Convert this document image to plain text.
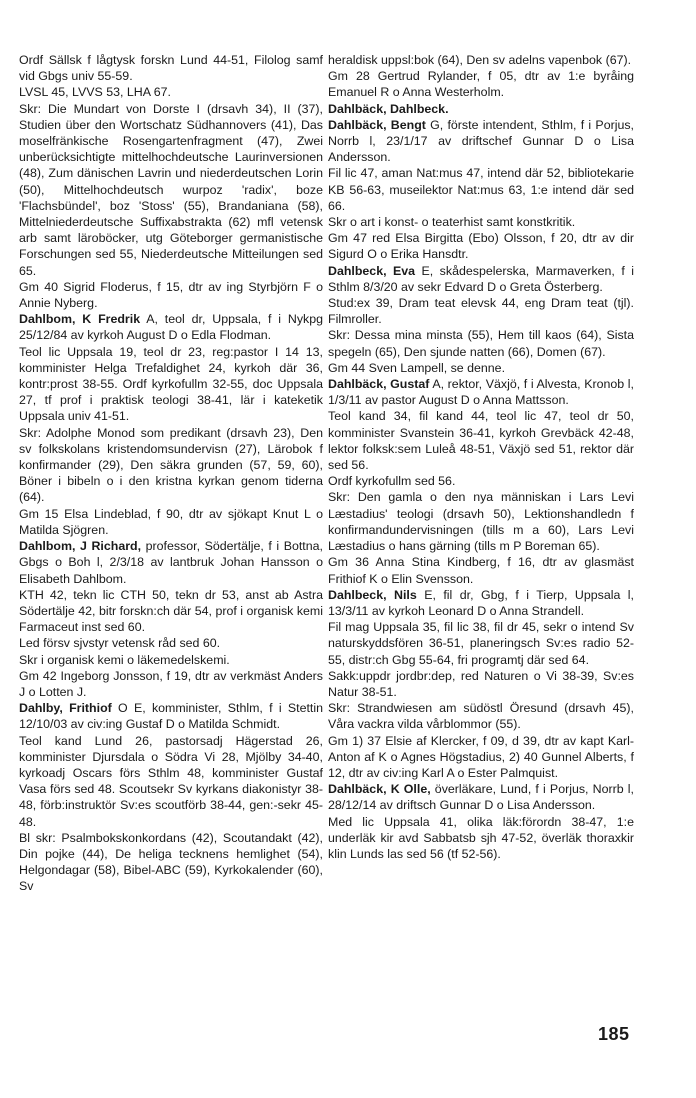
Ordf Sällsk f lågtysk forskn Lund 44-51, Filolog samf vid Gbgs univ 55-59.

LVSL 45, LVVS 53, LHA 67.

Skr: Die Mundart von Dorste I (drsavh 34), II (37), Studien über den Wortschatz Südhannovers (41), Das moselfränkische Rosengartenfragment (47), Zwei unberücksichtigte mittelhochdeutsche Laurinversionen (48), Zum dänischen Lavrin und niederdeutschen Lorin (50), Mittelhochdeutsch wurpoz 'radix', boze 'Flachsbündel', boz 'Stoss' (55), Brandaniana (58), Mittelniederdeutsche Suffixabstrakta (62) mfl vetensk arb samt läroböcker, utg Göteborger germanistische Forschungen sed 55, Niederdeutsche Mitteilungen sed 65.

Gm 40 Sigrid Floderus, f 15, dtr av ing Styrbjörn F o Annie Nyberg.

Dahlbom, K Fredrik A, teol dr, Uppsala, f i Nykpg 25/12/84 av kyrkoh August D o Edla Flodman.

Teol lic Uppsala 19, teol dr 23, reg:pastor I 14 13, komminister Helga Trefaldighet 24, kyrkoh där 36, kontr:prost 38-55. Ordf kyrkofullm 32-55, doc Uppsala 27, tf prof i praktisk teologi 38-41, lär i kateketik Uppsala univ 41-51.

Skr: Adolphe Monod som predikant (drsavh 23), Den sv folkskolans kristendomsundervisn (27), Lärobok f konfirmander (29), Den säkra grunden (57, 59, 60), Böner i bibeln o i den kristna kyrkan genom tiderna (64).

Gm 15 Elsa Lindeblad, f 90, dtr av sjökapt Knut L o Matilda Sjögren.

Dahlbom, J Richard, professor, Södertälje, f i Bottna, Gbgs o Boh l, 2/3/18 av lantbruk Johan Hansson o Elisabeth Dahlbom.

KTH 42, tekn lic CTH 50, tekn dr 53, anst ab Astra Södertälje 42, bitr forskn:ch där 54, prof i organisk kemi Farmaceut inst sed 60.

Led försv sjvstyr vetensk råd sed 60.

Skr i organisk kemi o läkemedelskemi.

Gm 42 Ingeborg Jonsson, f 19, dtr av verkmäst Anders J o Lotten J.

Dahlby, Frithiof O E, komminister, Sthlm, f i Stettin 12/10/03 av civ:ing Gustaf D o Matilda Schmidt.

Teol kand Lund 26, pastorsadj Hägerstad 26, komminister Djursdala o Södra Vi 28, Mjölby 34-40, kyrkoadj Oscars förs Sthlm 48, komminister Gustaf Vasa förs sed 48. Scoutsekr Sv kyrkans diakonistyr 38-48, förb:instruktör Sv:es scoutförb 38-44, gen:-sekr 45-48.

Bl skr: Psalmbokskonkordans (42), Scoutandakt (42), Din pojke (44), De heliga tecknens hemlighet (54), Helgondagar (58), Bibel-ABC (59), Kyrkokalender (60), Sv

heraldisk uppsl:bok (64), Den sv adelns vapenbok (67).

Gm 28 Gertrud Rylander, f 05, dtr av 1:e byråing Emanuel R o Anna Westerholm.

Dahlbäck, Dahlbeck.

Dahlbäck, Bengt G, förste intendent, Sthlm, f i Porjus, Norrb l, 23/1/17 av driftschef Gunnar D o Lisa Andersson.

Fil lic 47, aman Nat:mus 47, intend där 52, bibliotekarie KB 56-63, museilektor Nat:mus 63, 1:e intend där sed 66.

Skr o art i konst- o teaterhist samt konstkritik.

Gm 47 red Elsa Birgitta (Ebo) Olsson, f 20, dtr av dir Sigurd O o Erika Hansdtr.

Dahlbeck, Eva E, skådespelerska, Marmaverken, f i Sthlm 8/3/20 av sekr Edvard D o Greta Österberg.

Stud:ex 39, Dram teat elevsk 44, eng Dram teat (tjl). Filmroller.

Skr: Dessa mina minsta (55), Hem till kaos (64), Sista spegeln (65), Den sjunde natten (66), Domen (67).

Gm 44 Sven Lampell, se denne.

Dahlbäck, Gustaf A, rektor, Växjö, f i Alvesta, Kronob l, 1/3/11 av pastor August D o Anna Mattsson.

Teol kand 34, fil kand 44, teol lic 47, teol dr 50, komminister Svanstein 36-41, kyrkoh Grevbäck 42-48, lektor folksk:sem Luleå 48-51, Växjö sed 51, rektor där sed 56.

Ordf kyrkofullm sed 56.

Skr: Den gamla o den nya människan i Lars Levi Læstadius' teologi (drsavh 50), Lektionshandledn f konfirmandundervisningen (tills m a 60), Lars Levi Læstadius o hans gärning (tills m P Boreman 65).

Gm 36 Anna Stina Kindberg, f 16, dtr av glasmäst Frithiof K o Elin Svensson.

Dahlbeck, Nils E, fil dr, Gbg, f i Tierp, Uppsala l, 13/3/11 av kyrkoh Leonard D o Anna Strandell.

Fil mag Uppsala 35, fil lic 38, fil dr 45, sekr o intend Sv naturskyddsfören 36-51, planeringsch Sv:es radio 52-55, distr:ch Gbg 55-64, fri programtj där sed 64.

Sakk:uppdr jordbr:dep, red Naturen o Vi 38-39, Sv:es Natur 38-51.

Skr: Strandwiesen am südöstl Öresund (drsavh 45), Våra vackra vilda vårblommor (55).

Gm 1) 37 Elsie af Klercker, f 09, d 39, dtr av kapt Karl-Anton af K o Agnes Högstadius, 2) 40 Gunnel Alberts, f 12, dtr av civ:ing Karl A o Ester Palmquist.

Dahlbäck, K Olle, överläkare, Lund, f i Porjus, Norrb l, 28/12/14 av driftsch Gunnar D o Lisa Andersson.

Med lic Uppsala 41, olika läk:förordn 38-47, 1:e underläk kir avd Sabbatsb sjh 47-52, överläk thoraxkir klin Lunds las sed 56 (tf 52-56).

185
